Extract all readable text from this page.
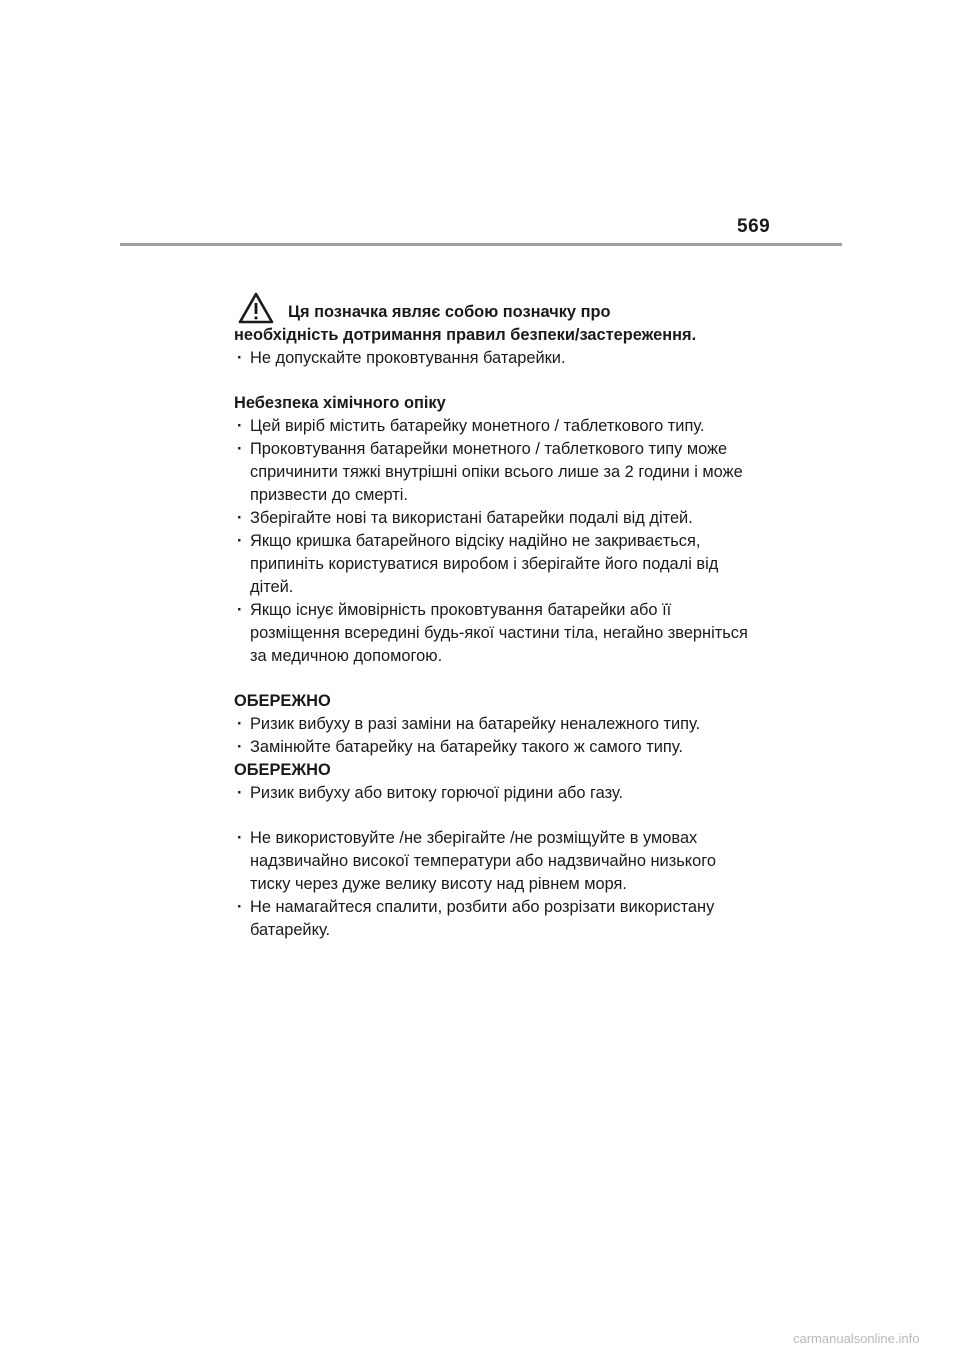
569
Ця позначка являє собою позначку про
необхідність дотримання правил безпеки/застереження.
· Не допускайте проковтування батарейки.
Небезпека хімічного опіку
· Цей виріб містить батарейку монетного / таблеткового типу.
· Проковтування батарейки монетного / таблеткового типу може спричинити тяжкі внутрішні опіки всього лише за 2 години і може призвести до смерті.
· Зберігайте нові та використані батарейки подалі від дітей.
· Якщо кришка батарейного відсіку надійно не закривається, припиніть користуватися виробом і зберігайте його подалі від дітей.
· Якщо існує ймовірність проковтування батарейки або її розміщення всередині будь-якої частини тіла, негайно зверніться за медичною допомогою.
ОБЕРЕЖНО
· Ризик вибуху в разі заміни на батарейку неналежного типу.
· Замінюйте батарейку на батарейку такого ж самого типу.
ОБЕРЕЖНО
· Ризик вибуху або витоку горючої рідини або газу.
· Не використовуйте /не зберігайте /не розміщуйте в умовах надзвичайно високої температури або надзвичайно низького тиску через дуже велику висоту над рівнем моря.
· Не намагайтеся спалити, розбити або розрізати використану батарейку.
carmanualsonline.info
